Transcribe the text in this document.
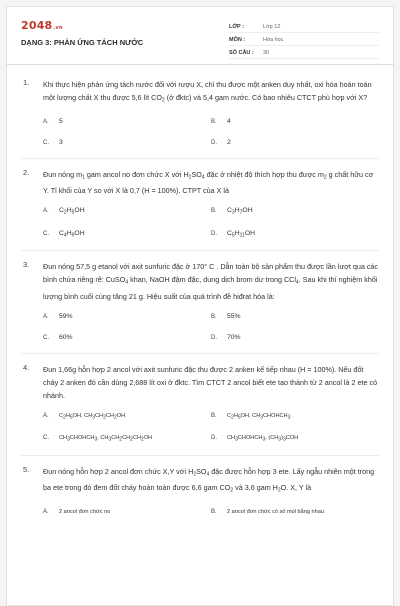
2048.vn
DẠNG 3: PHẢN ỨNG TÁCH NƯỚC
LỚP :	Lớp 12
MÔN :	Hóa học
SỐ CÂU :	30
1. Khi thực hiện phản ứng tách nước đối với rượu X, chỉ thu được một anken duy nhất, oxi hóa hoàn toàn một lượng chất X thu được 5,6 lít $CO_2$ (ở đktc) và 5,4 gam nước. Có bao nhiêu CTCT phù hợp với X?
A.	5	B.	4
C.	3	D.	2
2. Đun nóng $m_1$ gam ancol no đơn chức X với $H_2SO_4$ đặc ở nhiệt độ thích hợp thu được $m_2$ g chất hữu cơ Y. Tỉ khối của Y so với X là 0,7 (H = 100%). CTPT của X là
A.	$C_2H_5OH$	B.	$C_3H_7OH$
C.	$C_4H_9OH$	D.	$C_5H_{11}OH$
3. Đun nóng 57,5 g etanol với axit sunfuric đặc ở 170° C . Dẫn toàn bộ sản phẩm thu được lần lượt qua các bình chứa riêng rẽ: CuSO$_4$ khan, NaOH đậm đặc, dung dịch brom dư trong CCl$_4$. Sau khi thí nghiệm khối lượng bình cuối cùng tăng 21 g. Hiệu suất của quá trình đề hiđrat hóa là:
A.	59%	B.	55%
C.	60%	D.	70%
4. Đun 1,66g hỗn hợp 2 ancol với axit sunfuric đặc thu được 2 anken kế tiếp nhau (H = 100%). Nếu đốt cháy 2 anken đó cần dùng 2,688 lít oxi ở đktc. Tìm CTCT 2 ancol biết ete tạo thành từ 2 ancol là 2 ete có nhánh.
A.	$C_2H_5OH$, $CH_3CH_2CH_2OH$	B.	$C_2H_5OH$, $CH_3CHOHCH_3$
C.	$CH_3CHOHCH_3$, $CH_3CH_2CH_2CH_2OH$	D.	$CH_3CHOHCH_3$, $(CH_3)_3COH$
5. Đun nóng hỗn hợp 2 ancol đơn chức X,Y với $H_2SO_4$ đặc được hỗn hợp 3 ete. Lấy ngẫu nhiên một trong ba ete trong đó đem đốt cháy hoàn toàn được 6,6 gam $CO_2$ và 3,6 gam $H_2O$. X, Y là
A.	2 ancol đơn chức no	B.	2 ancol đơn chức có số mol bằng nhau
